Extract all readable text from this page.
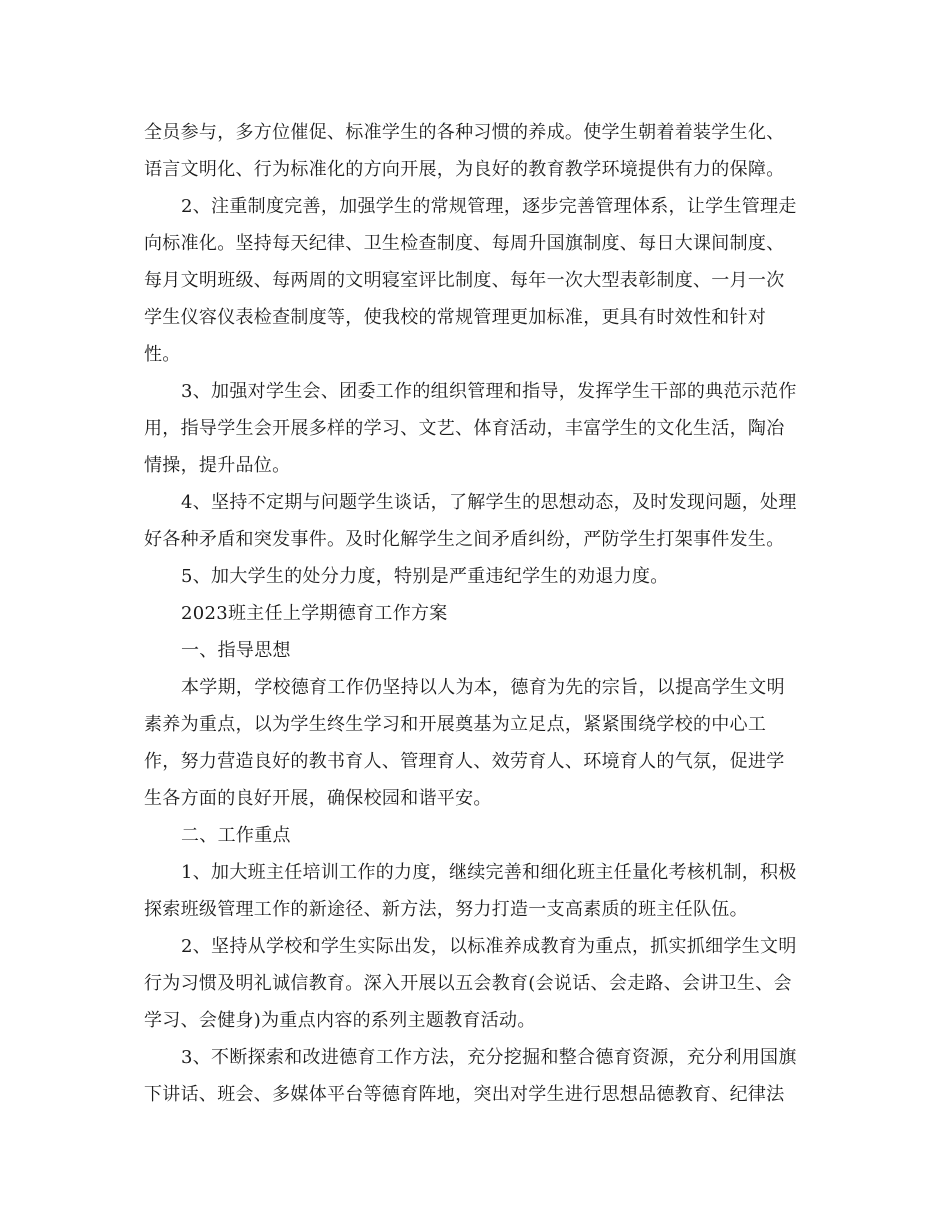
全员参与，多方位催促、标准学生的各种习惯的养成。使学生朝着着装学生化、
语言文明化、行为标准化的方向开展，为良好的教育教学环境提供有力的保障。
2、注重制度完善，加强学生的常规管理，逐步完善管理体系，让学生管理走
向标准化。坚持每天纪律、卫生检查制度、每周升国旗制度、每日大课间制度、
每月文明班级、每两周的文明寝室评比制度、每年一次大型表彰制度、一月一次
学生仪容仪表检查制度等，使我校的常规管理更加标准，更具有时效性和针对
性。
3、加强对学生会、团委工作的组织管理和指导，发挥学生干部的典范示范作
用，指导学生会开展多样的学习、文艺、体育活动，丰富学生的文化生活，陶冶
情操，提升品位。
4、坚持不定期与问题学生谈话，了解学生的思想动态，及时发现问题，处理
好各种矛盾和突发事件。及时化解学生之间矛盾纠纷，严防学生打架事件发生。
5、加大学生的处分力度，特别是严重违纪学生的劝退力度。
2023班主任上学期德育工作方案
一、指导思想
本学期，学校德育工作仍坚持以人为本，德育为先的宗旨，以提高学生文明
素养为重点，以为学生终生学习和开展奠基为立足点，紧紧围绕学校的中心工
作，努力营造良好的教书育人、管理育人、效劳育人、环境育人的气氛，促进学
生各方面的良好开展，确保校园和谐平安。
二、工作重点
1、加大班主任培训工作的力度，继续完善和细化班主任量化考核机制，积极
探索班级管理工作的新途径、新方法，努力打造一支高素质的班主任队伍。
2、坚持从学校和学生实际出发，以标准养成教育为重点，抓实抓细学生文明
行为习惯及明礼诚信教育。深入开展以五会教育(会说话、会走路、会讲卫生、会
学习、会健身)为重点内容的系列主题教育活动。
3、不断探索和改进德育工作方法，充分挖掘和整合德育资源，充分利用国旗
下讲话、班会、多媒体平台等德育阵地，突出对学生进行思想品德教育、纪律法
